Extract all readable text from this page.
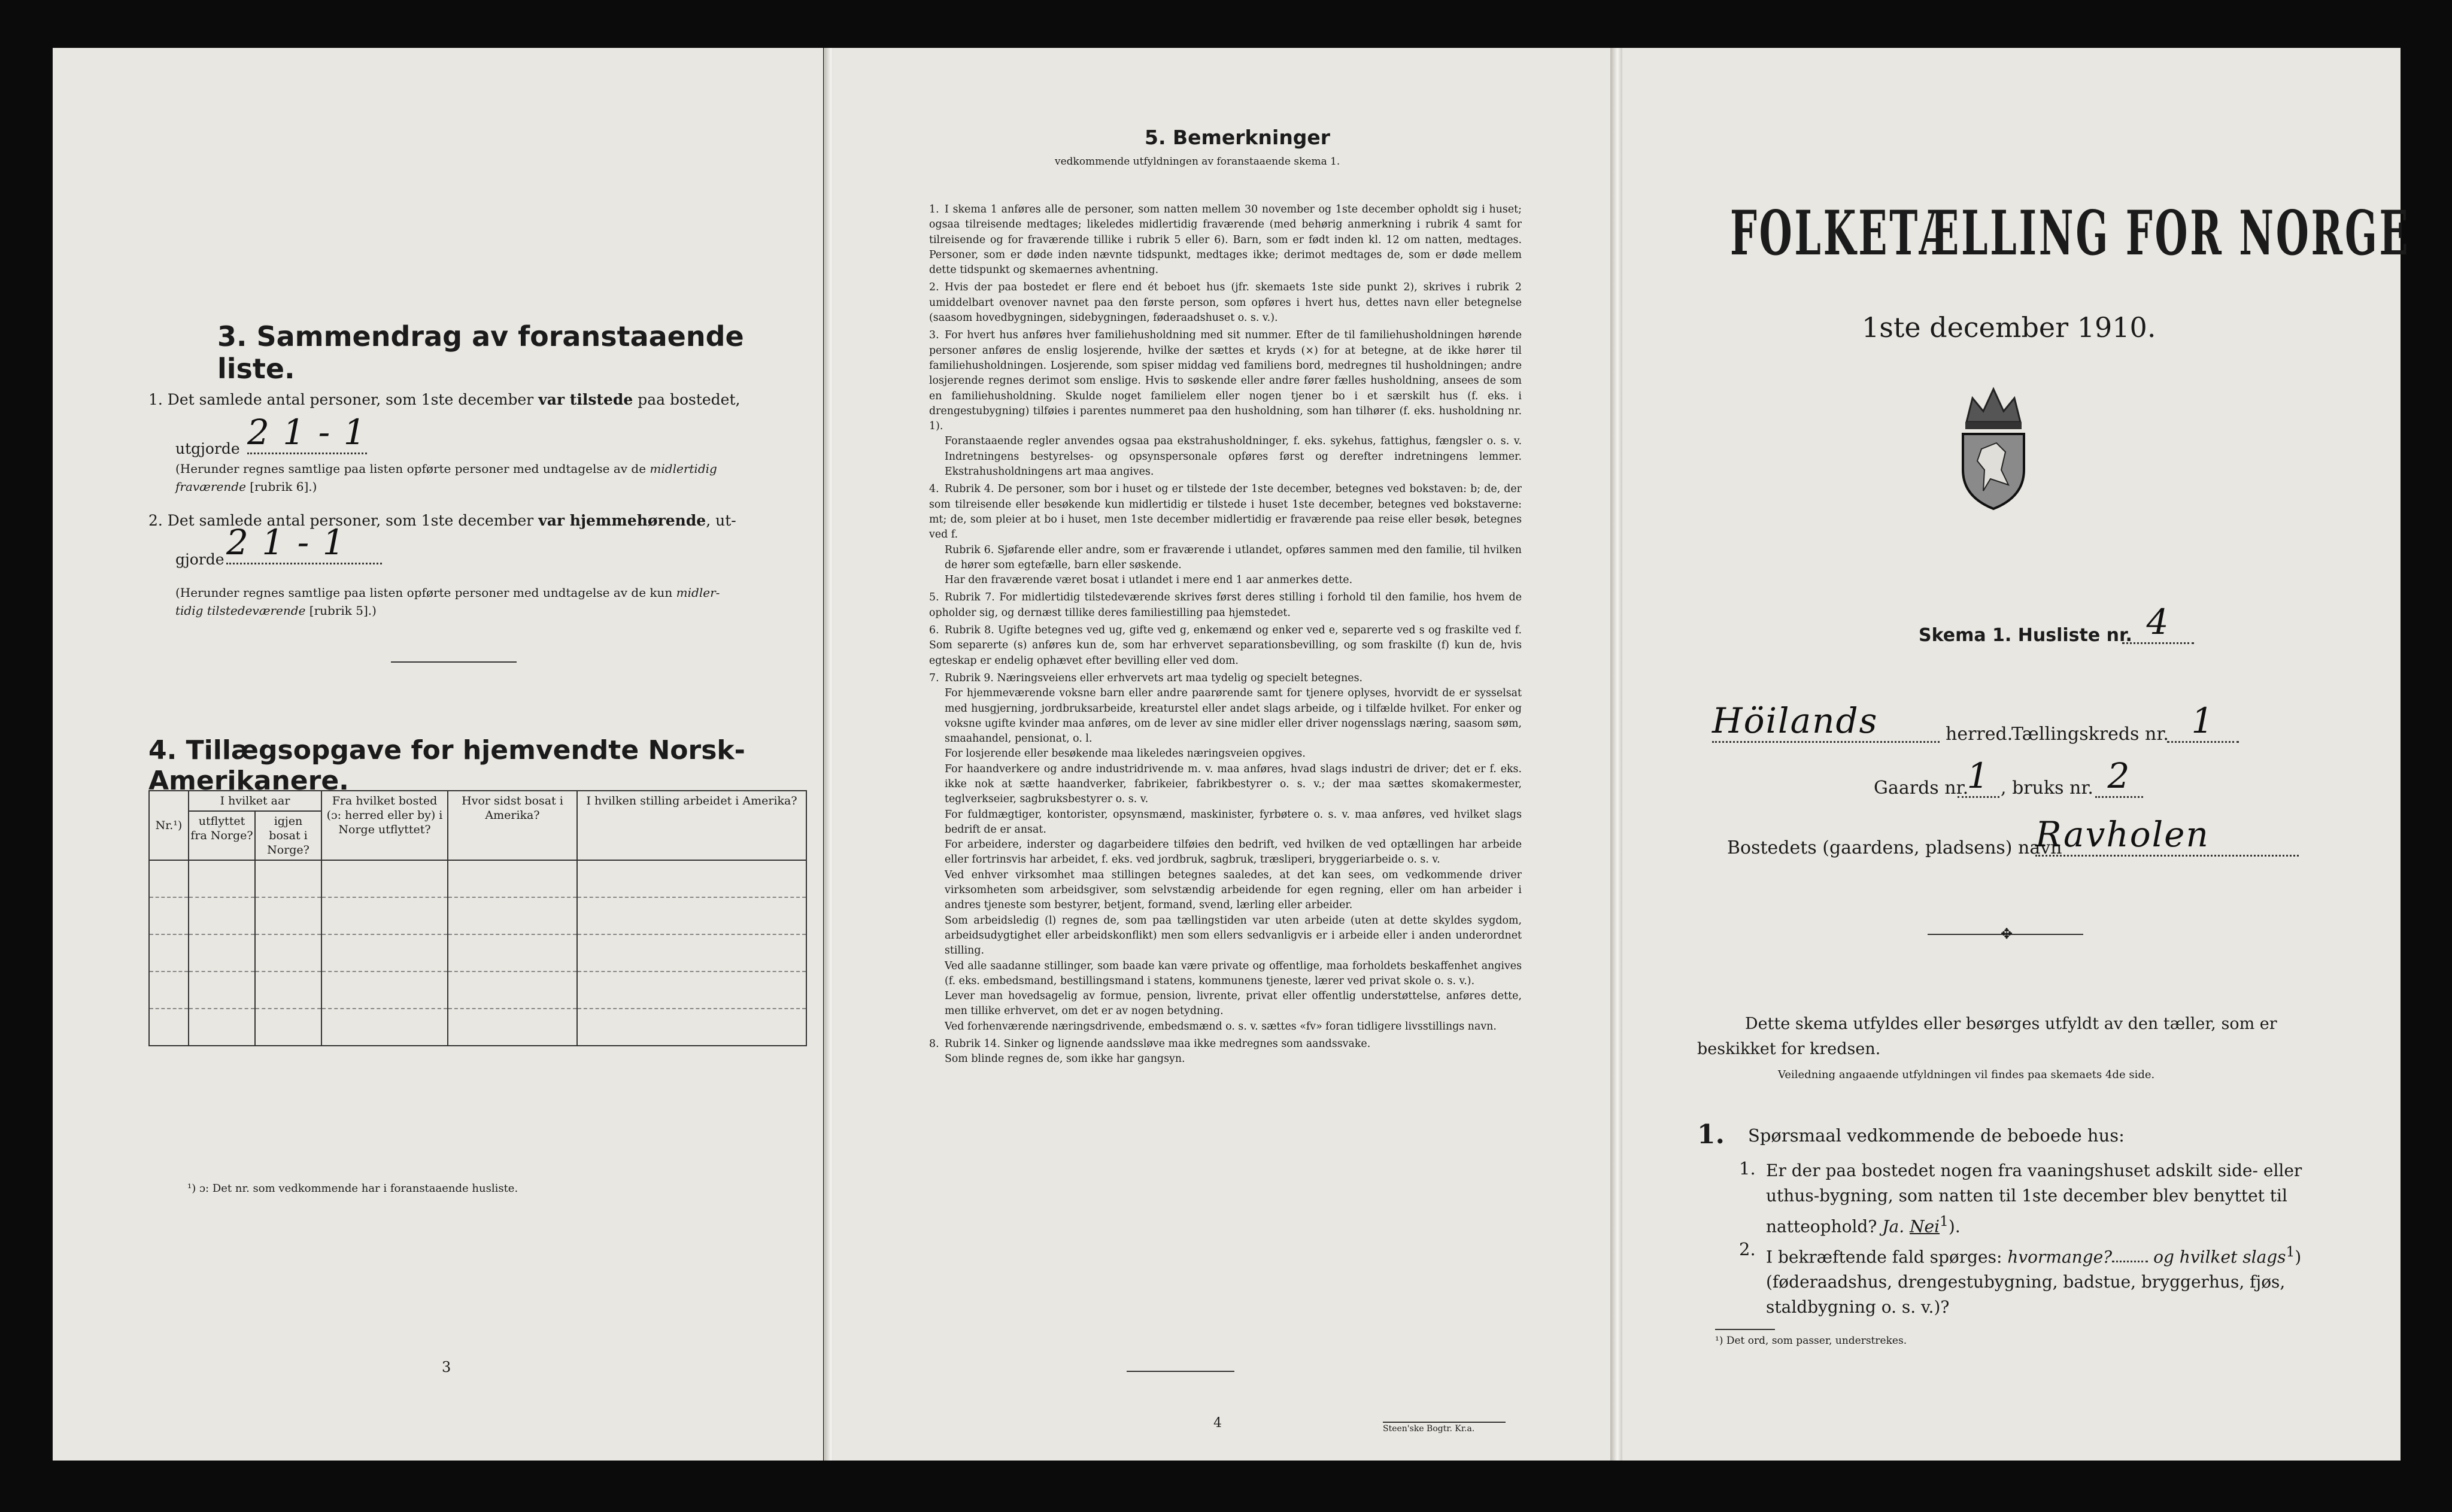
3. Sammendrag av foranstaaende liste.
1. Det samlede antal personer, som 1ste december var tilstede paa bostedet,
utgjorde 2 1 - 1
(Herunder regnes samtlige paa listen opførte personer med undtagelse av de midlertidig
fraværende [rubrik 6].)
2. Det samlede antal personer, som 1ste december var hjemmehørende, ut-
gjorde 2 1 - 1
(Herunder regnes samtlige paa listen opførte personer med undtagelse av de kun midler-
tidig tilstedeværende [rubrik 5].)
4. Tillægsopgave for hjemvendte Norsk-Amerikanere.
Nr.¹)	I hvilket aar		Fra hvilket bosted (ɔ: herred eller by) i Norge utflyttet?	Hvor sidst bosat i Amerika?	I hvilken stilling arbeidet i Amerika?
	utflyttet fra Norge?	igjen bosat i Norge?			

¹) ɔ: Det nr. som vedkommende har i foranstaaende husliste.
3
5. Bemerkninger
vedkommende utfyldningen av foranstaaende skema 1.

1. I skema 1 anføres alle de personer, som natten mellem 30 november og 1ste december opholdt sig i huset; ogsaa tilreisende medtages; likeledes midlertidig fraværende (med behørig anmerkning i rubrik 4 samt for tilreisende og for fraværende tillike i rubrik 5 eller 6). Barn, som er født inden kl. 12 om natten, medtages. Personer, som er døde inden nævnte tidspunkt, medtages ikke; derimot medtages de, som er døde mellem dette tidspunkt og skemaernes avhentning.

2. Hvis der paa bostedet er flere end ét beboet hus (jfr. skemaets 1ste side punkt 2), skrives i rubrik 2 umiddelbart ovenover navnet paa den første person, som opføres i hvert hus, dettes navn eller betegnelse (saasom hovedbygningen, sidebygningen, føderaadshuset o. s. v.).

3. For hvert hus anføres hver familiehusholdning med sit nummer. Efter de til familiehusholdningen hørende personer anføres de enslig losjerende, hvilke der sættes et kryds (×) for at betegne, at de ikke hører til familiehusholdningen. Losjerende, som spiser middag ved familiens bord, medregnes til husholdningen; andre losjerende regnes derimot som enslige. Hvis to søskende eller andre fører fælles husholdning, ansees de som en familiehusholdning. Skulde noget familielem eller nogen tjener bo i et særskilt hus (f. eks. i drengestubygning) tilføies i parentes nummeret paa den husholdning, som han tilhører (f. eks. husholdning nr. 1).

Foranstaaende regler anvendes ogsaa paa ekstrahusholdninger, f. eks. sykehus, fattighus, fængsler o. s. v. Indretningens bestyrelses- og opsynspersonale opføres først og derefter indretningens lemmer. Ekstrahusholdningens art maa angives.

4. Rubrik 4. De personer, som bor i huset og er tilstede der 1ste december, betegnes ved bokstaven: b; de, der som tilreisende eller besøkende kun midlertidig er tilstede i huset 1ste december, betegnes ved bokstaverne: mt; de, som pleier at bo i huset, men 1ste december midlertidig er fraværende paa reise eller besøk, betegnes ved f.

Rubrik 6. Sjøfarende eller andre, som er fraværende i utlandet, opføres sammen med den familie, til hvilken de hører som egtefælle, barn eller søskende.

Har den fraværende været bosat i utlandet i mere end 1 aar anmerkes dette.

5. Rubrik 7. For midlertidig tilstedeværende skrives først deres stilling i forhold til den familie, hos hvem de opholder sig, og dernæst tillike deres familiestilling paa hjemstedet.

6. Rubrik 8. Ugifte betegnes ved ug, gifte ved g, enkemænd og enker ved e, separerte ved s og fraskilte ved f. Som separerte (s) anføres kun de, som har erhvervet separationsbevilling, og som fraskilte (f) kun de, hvis egteskap er endelig ophævet efter bevilling eller ved dom.

7. Rubrik 9. Næringsveiens eller erhvervets art maa tydelig og specielt betegnes.

For hjemmeværende voksne barn eller andre paarørende samt for tjenere oplyses, hvorvidt de er sysselsat med husgjerning, jordbruksarbeide, kreaturstel eller andet slags arbeide, og i tilfælde hvilket. For enker og voksne ugifte kvinder maa anføres, om de lever av sine midler eller driver nogensslags næring, saasom søm, smaahandel, pensionat, o. l.

For losjerende eller besøkende maa likeledes næringsveien opgives.

For haandverkere og andre industridrivende m. v. maa anføres, hvad slags industri de driver; det er f. eks. ikke nok at sætte haandverker, fabrikeier, fabrikbestyrer o. s. v.; der maa sættes skomakermester, teglverkseier, sagbruksbestyrer o. s. v.

For fuldmægtiger, kontorister, opsynsmænd, maskinister, fyrbøtere o. s. v. maa anføres, ved hvilket slags bedrift de er ansat.

For arbeidere, inderster og dagarbeidere tilføies den bedrift, ved hvilken de ved optællingen har arbeide eller fortrinsvis har arbeidet, f. eks. ved jordbruk, sagbruk, træsliperi, bryggeriarbeide o. s. v.

Ved enhver virksomhet maa stillingen betegnes saaledes, at det kan sees, om vedkommende driver virksomheten som arbeidsgiver, som selvstændig arbeidende for egen regning, eller om han arbeider i andres tjeneste som bestyrer, betjent, formand, svend, lærling eller arbeider.

Som arbeidsledig (l) regnes de, som paa tællingstiden var uten arbeide (uten at dette skyldes sygdom, arbeidsudygtighet eller arbeidskonflikt) men som ellers sedvanligvis er i arbeide eller i anden underordnet stilling.

Ved alle saadanne stillinger, som baade kan være private og offentlige, maa forholdets beskaffenhet angives (f. eks. embedsmand, bestillingsmand i statens, kommunens tjeneste, lærer ved privat skole o. s. v.).

Lever man hovedsagelig av formue, pension, livrente, privat eller offentlig understøttelse, anføres dette, men tillike erhvervet, om det er av nogen betydning.

Ved forhenværende næringsdrivende, embedsmænd o. s. v. sættes «fv» foran tidligere livsstillings navn.

8. Rubrik 14. Sinker og lignende aandssløve maa ikke medregnes som aandssvake.

Som blinde regnes de, som ikke har gangsyn.

4	Steen'ske Bogtr. Kr.a.
FOLKETÆLLING FOR NORGE
1ste december 1910.
Skema 1. Husliste nr. 4
Höilands	herred.
Tællingskreds nr. 1
Gaards nr.
1 , bruks nr. 2
Bostedets (gaardens, pladsens) navn
Ravholen
✥
Dette skema utfyldes eller besørges utfyldt av den tæller, som er beskikket for kredsen.
Veiledning angaaende utfyldningen vil findes paa skemaets 4de side.
1. Spørsmaal vedkommende de beboede hus:
1. Er der paa bostedet nogen fra vaaningshuset adskilt side- eller uthus-bygning, som natten til 1ste december blev benyttet til natteophold? Ja. Nei$^1$).
2. I bekræftende fald spørges: hvormange? og hvilket slags$^1$) (føderaadshus, drengestubygning, badstue, bryggerhus, fjøs, staldbygning o. s. v.)?
¹) Det ord, som passer, understrekes.
